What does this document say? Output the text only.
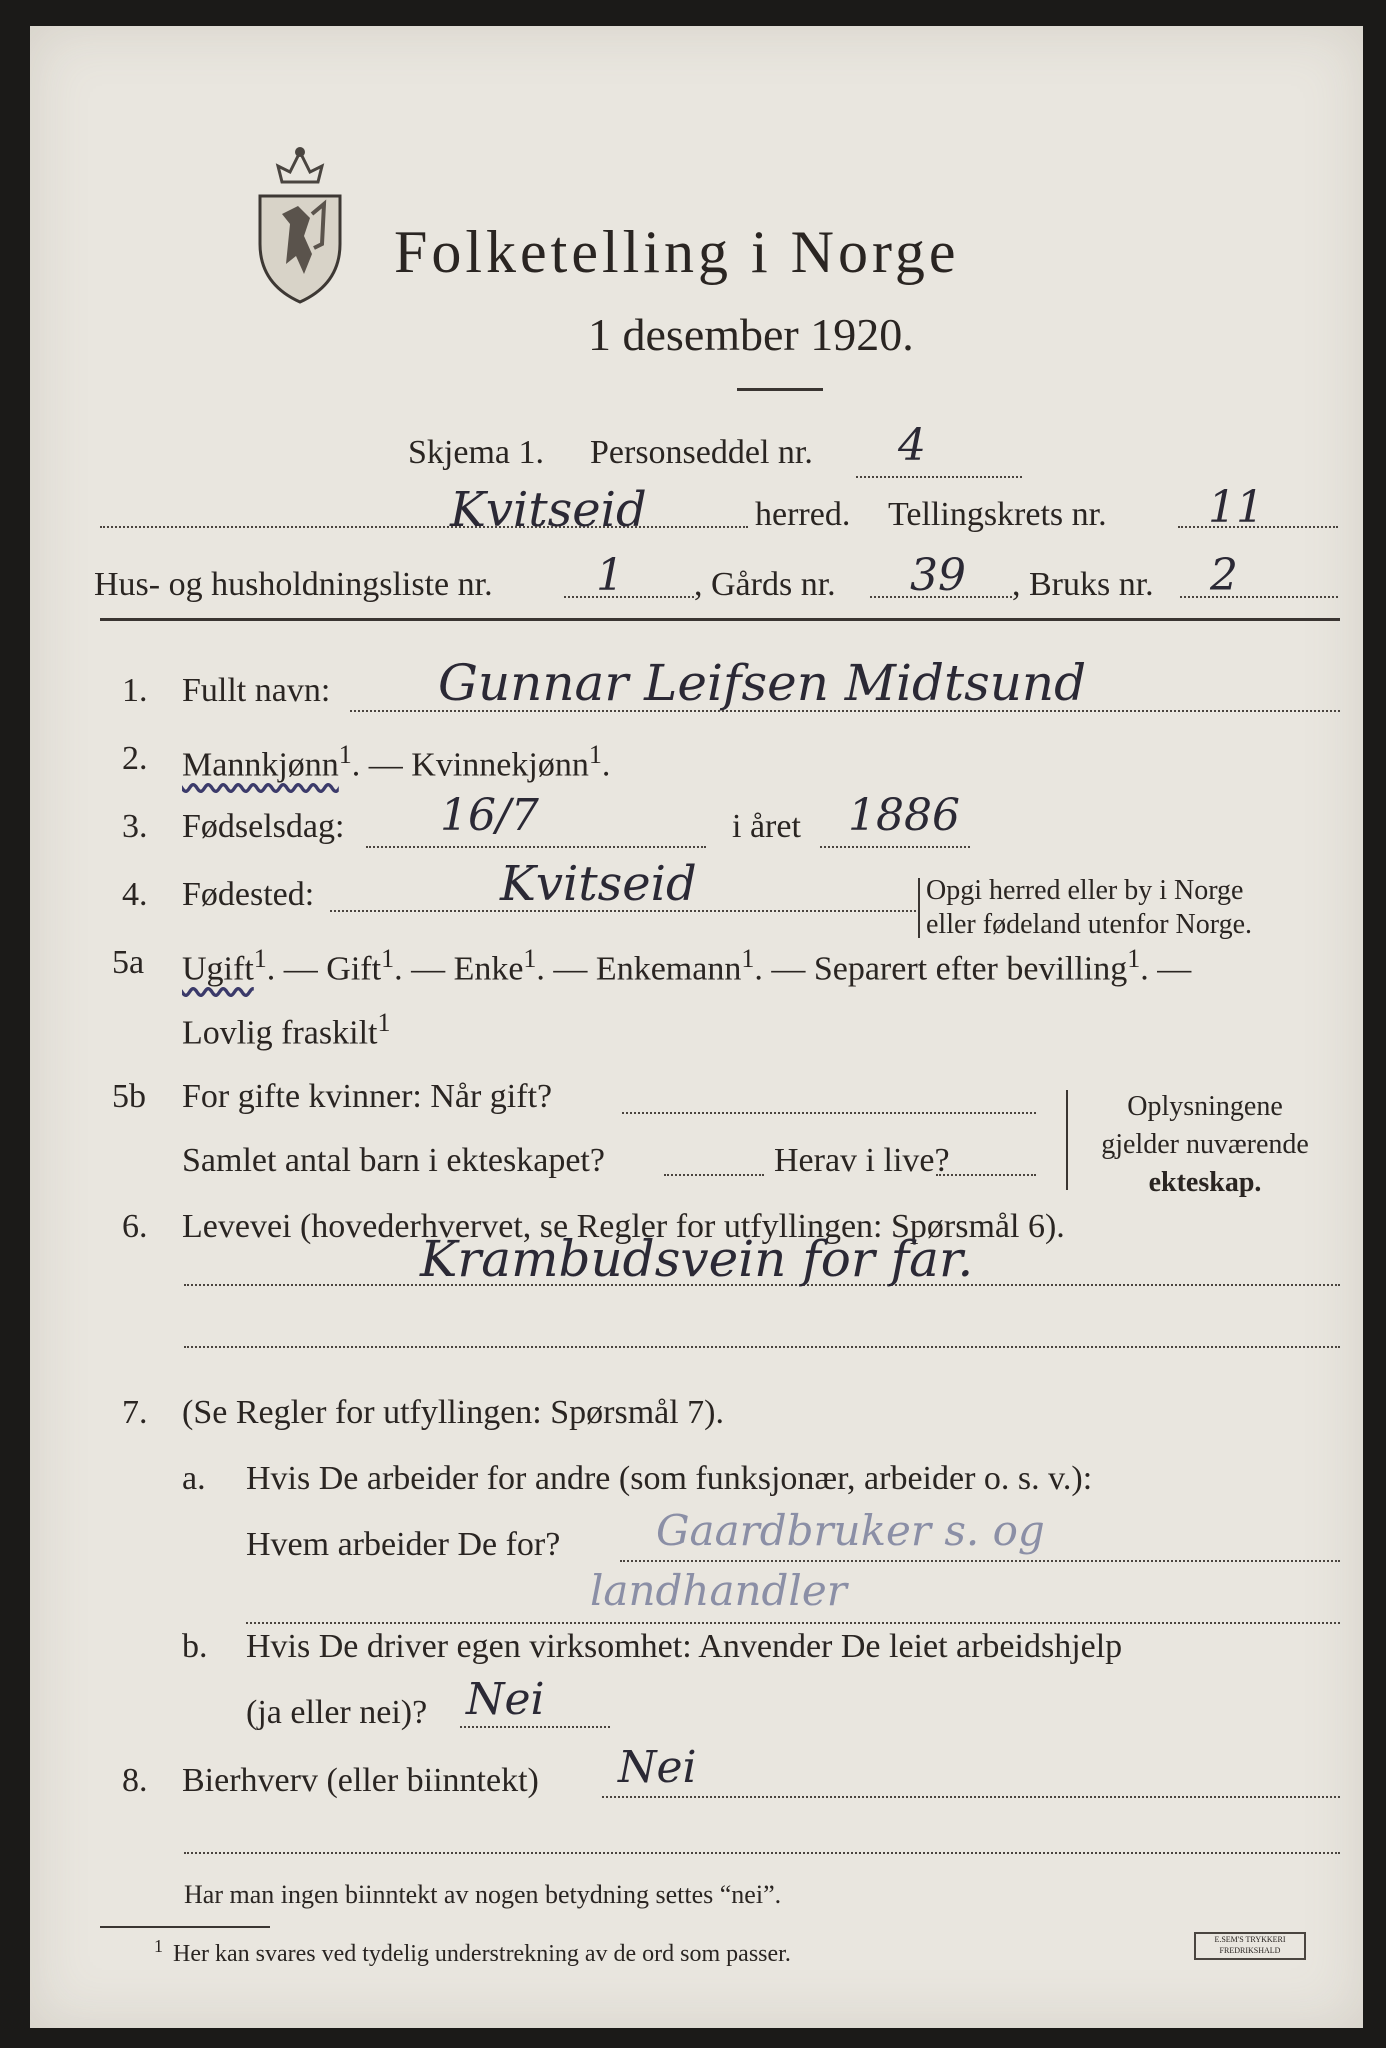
Folketelling i Norge
1 desember 1920.
Skjema 1. Personseddel nr. 4
Kvitseid	herred. Tellingskrets nr. 11
Hus- og husholdningsliste nr. 1 , Gårds nr. 39 , Bruks nr. 2
1. Fullt navn: Gunnar Leifsen Midtsund
2. Mannkjønn$^1$. — Kvinnekjønn$^1$.
3. Fødselsdag: 16/7	i året 1886
4. Fødested:	Kvitseid	Opgi herred eller by i Norge
eller fødeland utenfor Norge.
5a Ugift$^1$. — Gift$^1$. — Enke$^1$. — Enkemann$^1$. — Separert efter bevilling$^1$. —
Lovlig fraskilt$^1$
5b For gifte kvinner: Når gift?
Samlet antal barn i ekteskapet?	Herav i live?
Oplysningene
gjelder nuværende
ekteskap.
6. Levevei (hovederhvervet, se Regler for utfyllingen: Spørsmål 6).
Krambudsvein for far.
7. (Se Regler for utfyllingen: Spørsmål 7).
a. Hvis De arbeider for andre (som funksjonær, arbeider o. s. v.):
Hvem arbeider De for? Gaardbruker s. og
landhandler
b. Hvis De driver egen virksomhet: Anvender De leiet arbeidshjelp
(ja eller nei)? Nei
8. Bierhverv (eller biinntekt) Nei
Har man ingen biinntekt av nogen betydning settes “nei”.
$^1$ Her kan svares ved tydelig understrekning av de ord som passer.
E.SEM'S TRYKKERI
FREDRIKSHALD
